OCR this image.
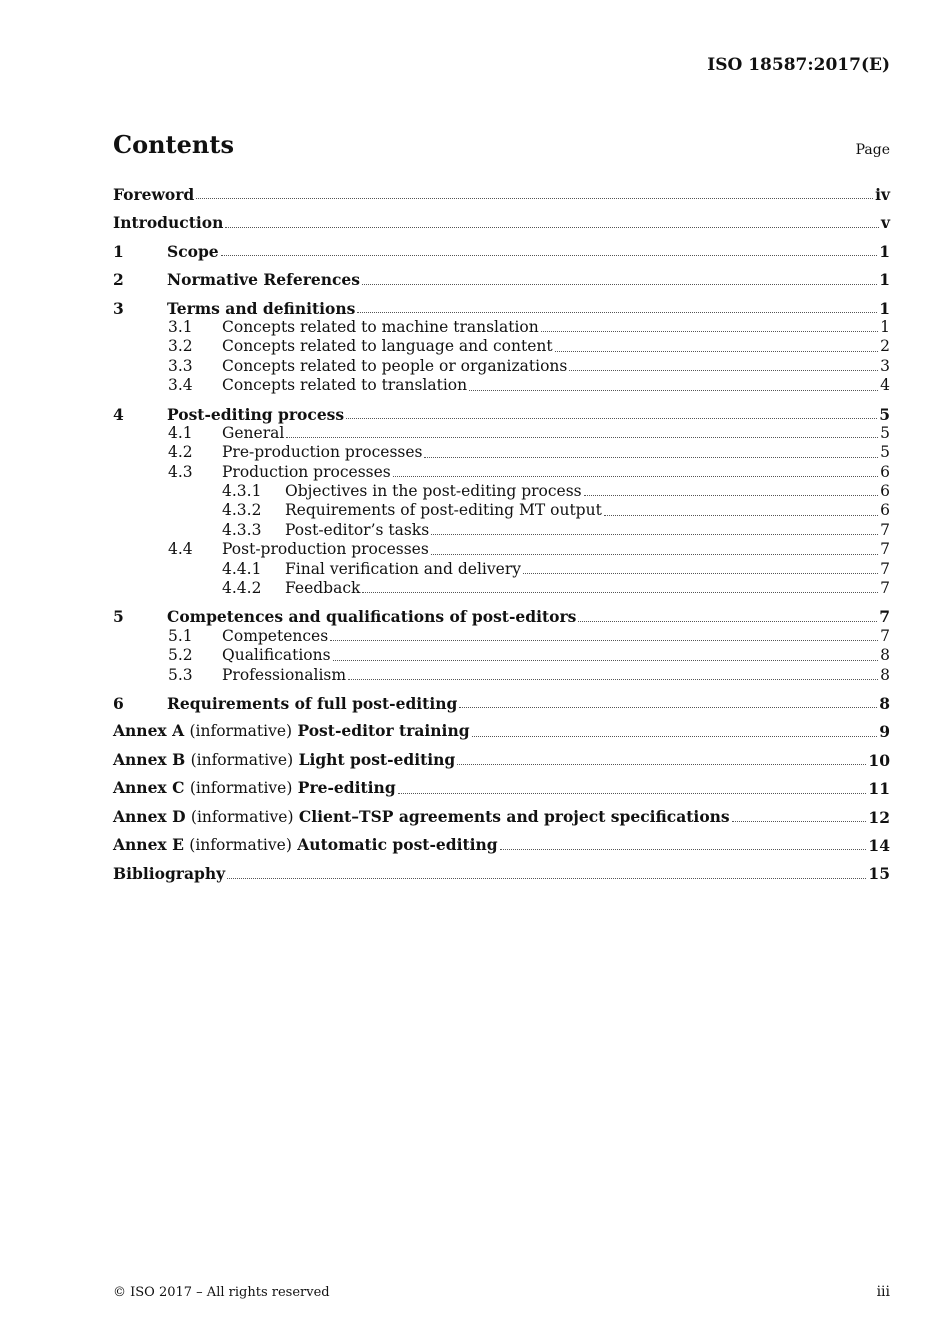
ISO 18587:2017(E)
Contents	Page
Foreword	iv
Introduction	v
1	Scope	1
2	Normative References	1
3	Terms and definitions	1
3.1	Concepts related to machine translation	1
3.2	Concepts related to language and content	2
3.3	Concepts related to people or organizations	3
3.4	Concepts related to translation	4
4	Post-editing process	5
4.1	General	5
4.2	Pre-production processes	5
4.3	Production processes	6
4.3.1	Objectives in the post-editing process	6
4.3.2	Requirements of post-editing MT output	6
4.3.3	Post-editor’s tasks	7
4.4	Post-production processes	7
4.4.1	Final verification and delivery	7
4.4.2	Feedback	7
5	Competences and qualifications of post-editors	7
5.1	Competences	7
5.2	Qualifications	8
5.3	Professionalism	8
6	Requirements of full post-editing	8
Annex A (informative) Post-editor training	9
Annex B (informative) Light post-editing	10
Annex C (informative) Pre-editing	11
Annex D (informative) Client–TSP agreements and project specifications	12
Annex E (informative) Automatic post-editing	14
Bibliography	15
© ISO 2017 – All rights reserved	iii
